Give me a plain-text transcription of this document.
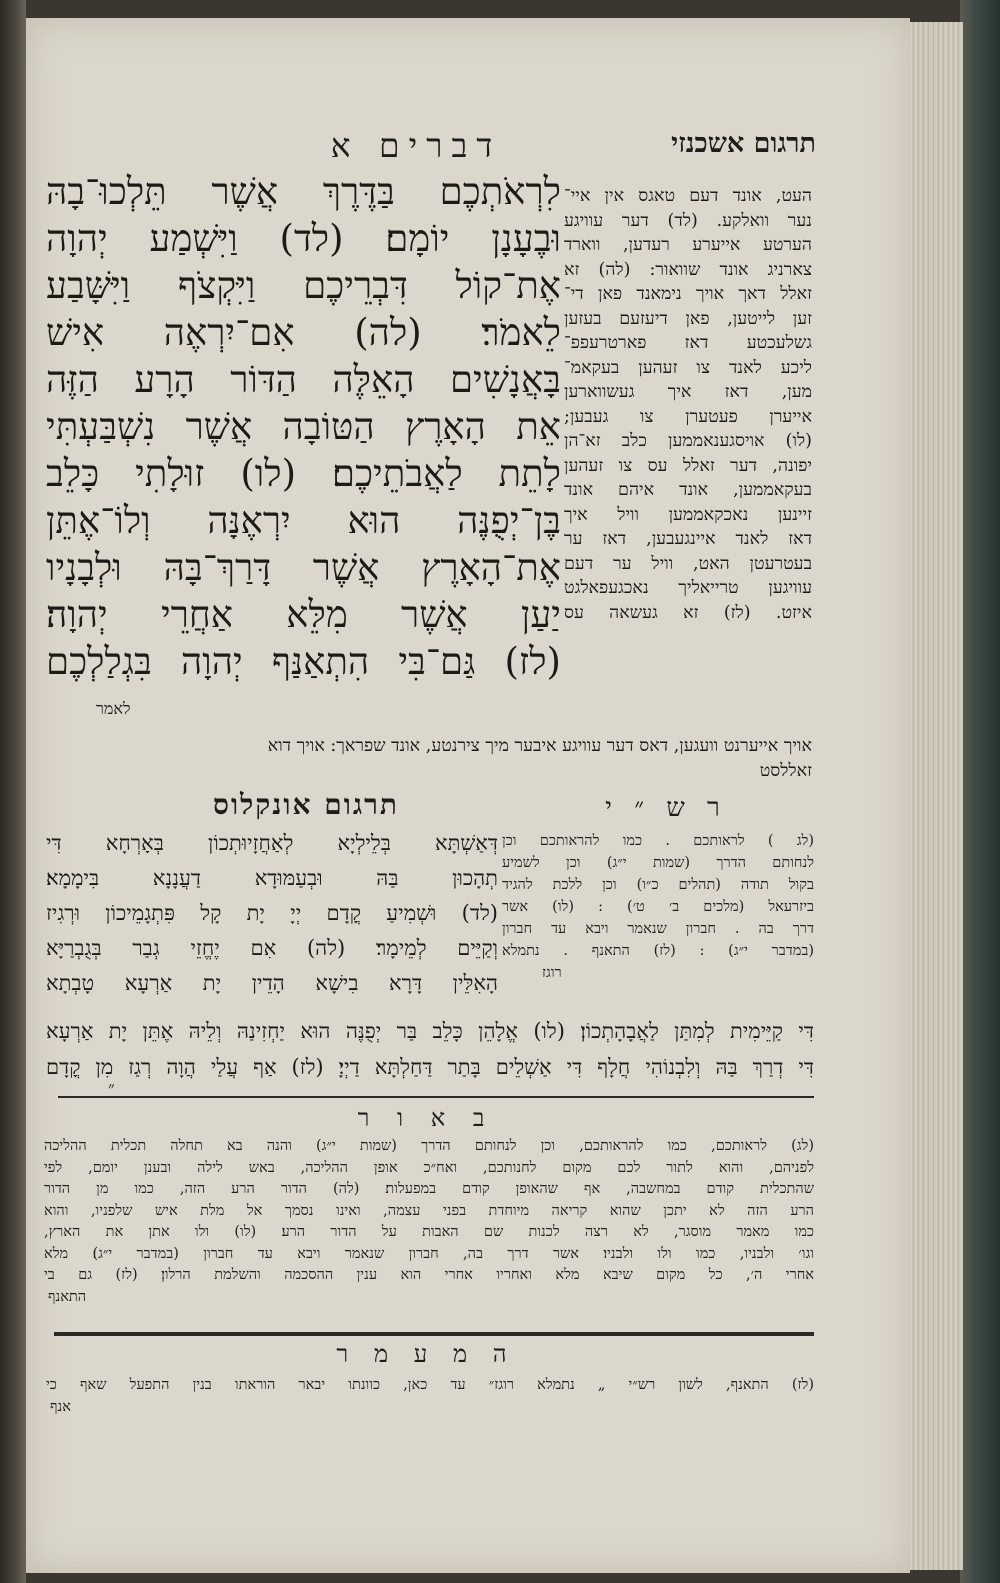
תרגום אשכנזי
דברים א
לִרְאֹתְכֶם בַּדֶּרֶךְ אֲשֶׁר תֵּלְכוּ־בָהּ
וּבֶעָנָן יוֹמָם׃ (לד) וַיִּשְׁמַע יְהוָה
אֶת־קוֹל דִּבְרֵיכֶם וַיִּקְצֹף וַיִּשָּׁבַע
לֵאמֹר׃ (לה) אִם־יִרְאֶה אִישׁ
בָּאֲנָשִׁים הָאֵלֶּה הַדּוֹר הָרָע הַזֶּה
אֵת הָאָרֶץ הַטּוֹבָה אֲשֶׁר נִשְׁבַּעְתִּי
לָתֵת לַאֲבֹתֵיכֶם׃ (לו) זוּלָתִי כָּלֵב
בֶּן־יְפֻנֶּה הוּא יִרְאֶנָּה וְלוֹ־אֶתֵּן
אֶת־הָאָרֶץ אֲשֶׁר דָּרַךְ־בָּהּ וּלְבָנָיו
יַעַן אֲשֶׁר מִלֵּא אַחֲרֵי יְהוָה׃
(לז) גַּם־בִּי הִתְאַנַּף יְהוָה בִּגְלַלְכֶם
לאמר
העט, אונד דעם טאגס אין איי־
נער וואלקע. (לד) דער עוויגע
הערטע אייערע רעדען, ווארד
צארניג אונד שוואור: (לה) זא
זאלל דאך אויך נימאנד פאן די־
זען לייטען, פאן דיעזעם בעזען
גשלעכטע דאז פארטרעפפ־
ליכע לאנד צו זעהען בעקאמ־
מען, דאז איך געשווארען
אייערן פעטערן צו געבען;
(לו) אויסגענאממען כלב זא־הן
יפונה, דער זאלל עס צו זעהען
בעקאממען, אונד איהם אונד
זיינען נאכקאממען וויל איך
דאז לאנד איינגעבען, דאז ער
בעטרעטן האט, וויל ער דעם
עוויגען טרייאליך נאכגעפאלגט
איזט. (לז) זא געשאה עס
אויך אייערנט וועגען, דאס דער עוויגע איבער מיך צירנטע, אונד שפראך: אויך דוא
זאללסט
תרגום אונקלוס	ר ש ״ י
דְּאַשְׁתָּא בְּלֵילְיָא לְאַחֲזָיוּתְכוֹן בְּאָרְחָא דִּי
תְהָכוּן בַּהּ וּבְעַמּוּדָא דַעֲנָנָא בִּימָמָא׃
(לד) וּשְׁמִיעַ קֳדָם יְיָ יָת קָל פִּתְגָמֵיכוֹן וּרְגִיז
וְקַיֵּים לְמֵימָר׃ (לה) אִם יֶחֱזֵי גְבַר בְּגֻבְרַיָּא
הָאִלֵּין דָּרָא בִישָׁא הָדֵין יָת אַרְעָא טָבְתָא
(לג ) לראותכם . כמו להראותכם וכן
לנחותם הדרך (שמות י״ג) וכן לשמיע
בקול תודה (תהלים כ״ו) וכן ללכת להגיד
ביזרעאל (מלכים ב׳ ט׳) : (לו) אשר
דרך בה . חברון שנאמר ויבא עד חברון
(במדבר י״ג) : (לז) התאנף . נתמלא
רוגז
דִּי קַיֵּימִית לְמִתַּן לַאֲבָהָתְכוֹן׃ (לו) אֱלָהֵן כָּלֵב בַּר יְפֻנֶּה הוּא יַחְזִינַהּ וְלֵיהּ אֶתֵּן יָת אַרְעָא
דִּי דְרַךְ בַּהּ וְלִבְנוֹהִי חֲלָף דִּי אַשְׁלֵים בָּתַר דַּחַלְתָּא דַיְיָ׃ (לז) אַף עֲלַי הֲוָה רְגַז מִן קֳדָם
״
ב א ו ר
(לג) לראותכם, כמו להראותכם, וכן לנחותם הדרך (שמות י״ג) והנה בא תחלה תכלית ההליכה
לפניהם, והוא לתור לכם מקום לחנותכם, ואח״כ אופן ההליכה, באש לילה ובענן יומם, לפי
שהתכלית קודם במחשבה, אף שהאופן קודם במפעלות׃ (לה) הדור הרע הזה, כמו מן הדור
הרע הזה לא יתכן שהוא קריאה מיוחדת בפני עצמה, ואינו נסמך אל מלת איש שלפניו, והוא
כמו מאמר מוסגר, לא רצה לכנות שם האבות על הדור הרע׃ (לו) ולו אתן את הארץ,
וגו׳ ולבניו, כמו ולו ולבניו׃ אשר דרך בה, חברון שנאמר ויבא עד חברון (במדבר י״ג)׃ מלא
אחרי ה׳, כל מקום שיבא מלא ואחריו אחרי הוא ענין ההסכמה והשלמת הרלון׃ (לז) גם בי
התאנף
ה מ ע מ ר
(לז) התאנף, לשון רש״י „ נתמלא רוגז״ עד כאן, כוונתו יבאר הוראתו בנין התפעל שאף כי
אנף
